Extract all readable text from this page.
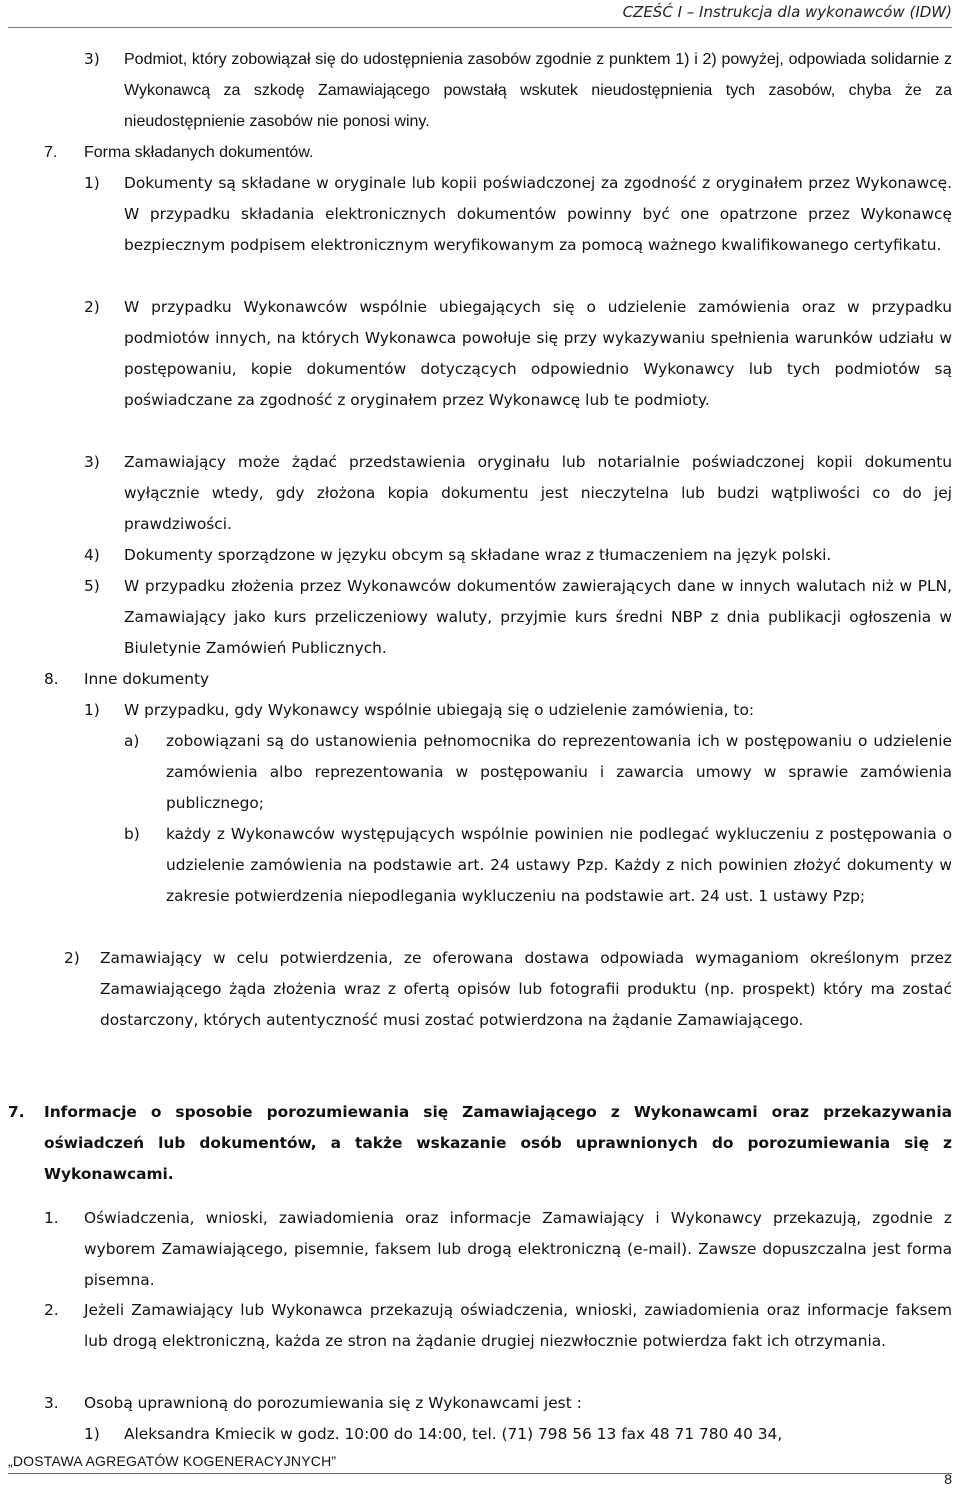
CZEŚĆ I – Instrukcja dla wykonawców (IDW)
3) Podmiot, który zobowiązał się do udostępnienia zasobów zgodnie z punktem 1) i 2) powyżej, odpowiada solidarnie z Wykonawcą za szkodę Zamawiającego powstałą wskutek nieudostępnienia tych zasobów, chyba że za nieudostępnienie zasobów nie ponosi winy.
7. Forma składanych dokumentów.
1) Dokumenty są składane w oryginale lub kopii poświadczonej za zgodność z oryginałem przez Wykonawcę. W przypadku składania elektronicznych dokumentów powinny być one opatrzone przez Wykonawcę bezpiecznym podpisem elektronicznym weryfikowanym za pomocą ważnego kwalifikowanego certyfikatu.
2) W przypadku Wykonawców wspólnie ubiegających się o udzielenie zamówienia oraz w przypadku podmiotów innych, na których Wykonawca powołuje się przy wykazywaniu spełnienia warunków udziału w postępowaniu, kopie dokumentów dotyczących odpowiednio Wykonawcy lub tych podmiotów są poświadczane za zgodność z oryginałem przez Wykonawcę lub te podmioty.
3) Zamawiający może żądać przedstawienia oryginału lub notarialnie poświadczonej kopii dokumentu wyłącznie wtedy, gdy złożona kopia dokumentu jest nieczytelna lub budzi wątpliwości co do jej prawdziwości.
4) Dokumenty sporządzone w języku obcym są składane wraz z tłumaczeniem na język polski.
5) W przypadku złożenia przez Wykonawców dokumentów zawierających dane w innych walutach niż w PLN, Zamawiający jako kurs przeliczeniowy waluty, przyjmie kurs średni NBP z dnia publikacji ogłoszenia w Biuletynie Zamówień Publicznych.
8. Inne dokumenty
1) W przypadku, gdy Wykonawcy wspólnie ubiegają się o udzielenie zamówienia, to:
a) zobowiązani są do ustanowienia pełnomocnika do reprezentowania ich w postępowaniu o udzielenie zamówienia albo reprezentowania w postępowaniu i zawarcia umowy w sprawie zamówienia publicznego;
b) każdy z Wykonawców występujących wspólnie powinien nie podlegać wykluczeniu z postępowania o udzielenie zamówienia na podstawie art. 24 ustawy Pzp. Każdy z nich powinien złożyć dokumenty w zakresie potwierdzenia niepodlegania wykluczeniu na podstawie art. 24 ust. 1 ustawy Pzp;
2) Zamawiający w celu potwierdzenia, ze oferowana dostawa odpowiada wymaganiom określonym przez Zamawiającego żąda złożenia wraz z ofertą opisów lub fotografii produktu (np. prospekt) który ma zostać dostarczony, których autentyczność musi zostać potwierdzona na żądanie Zamawiającego.
7. Informacje o sposobie porozumiewania się Zamawiającego z Wykonawcami oraz przekazywania oświadczeń lub dokumentów, a także wskazanie osób uprawnionych do porozumiewania się z Wykonawcami.
1. Oświadczenia, wnioski, zawiadomienia oraz informacje Zamawiający i Wykonawcy przekazują, zgodnie z wyborem Zamawiającego, pisemnie, faksem lub drogą elektroniczną (e-mail). Zawsze dopuszczalna jest forma pisemna.
2. Jeżeli Zamawiający lub Wykonawca przekazują oświadczenia, wnioski, zawiadomienia oraz informacje faksem lub drogą elektroniczną, każda ze stron na żądanie drugiej niezwłocznie potwierdza fakt ich otrzymania.
3. Osobą uprawnioną do porozumiewania się z Wykonawcami jest :
1) Aleksandra Kmiecik w godz. 10:00 do 14:00, tel. (71) 798 56 13 fax 48 71 780 40 34,
„DOSTAWA AGREGATÓW KOGENERACYJNYCH”
8
